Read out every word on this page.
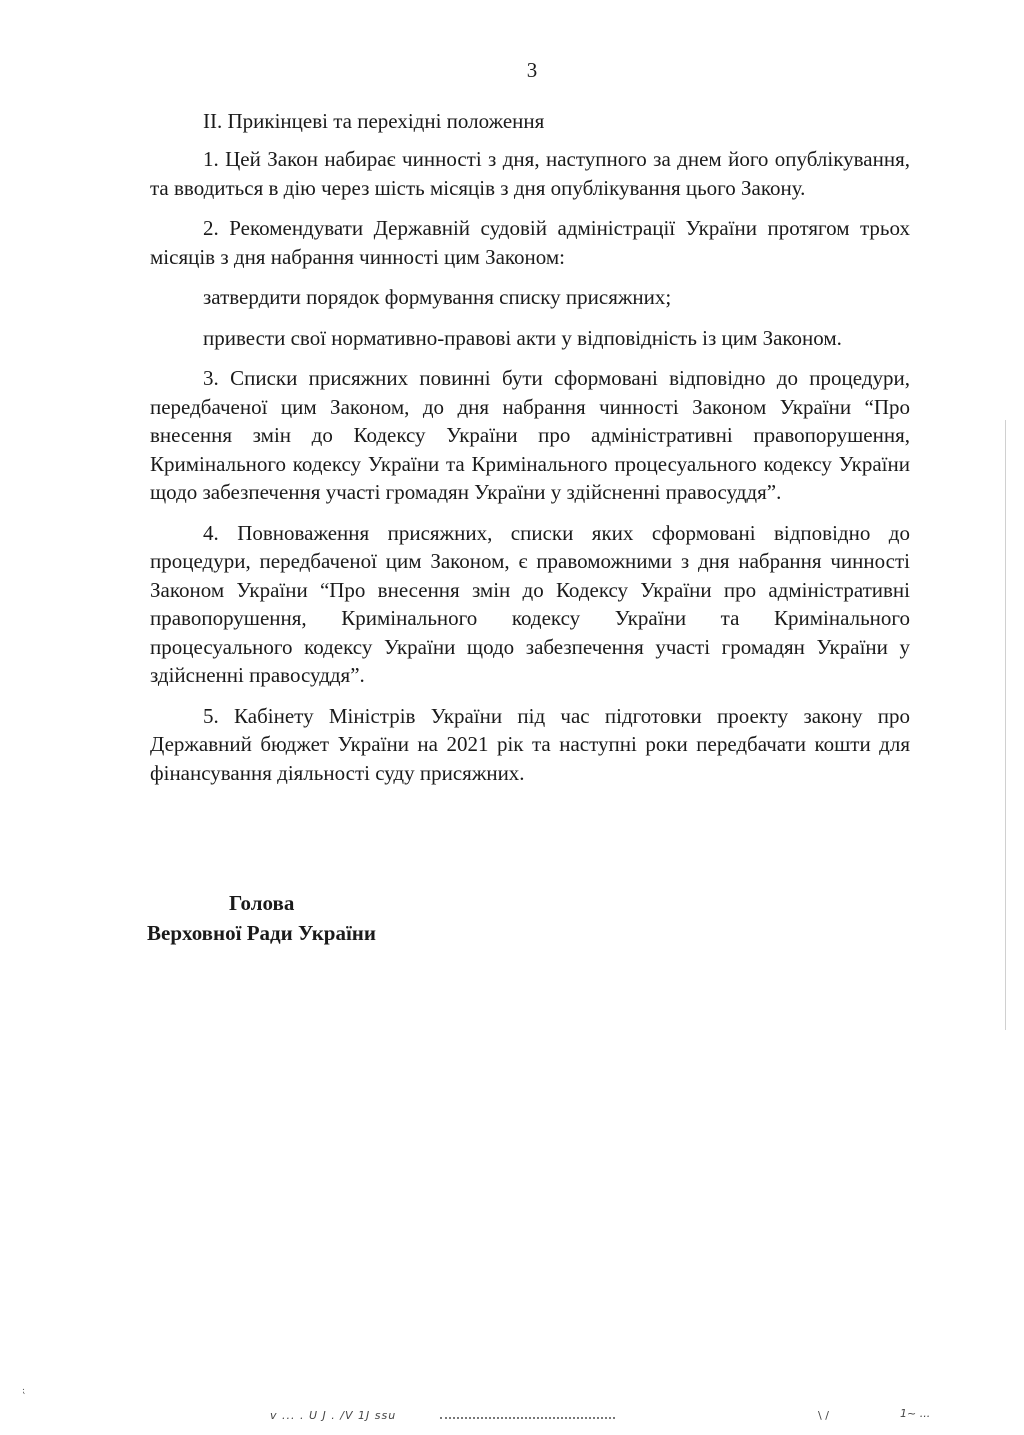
3
II. Прикінцеві та перехідні положення

1. Цей Закон набирає чинності з дня, наступного за днем його опублікування, та вводиться в дію через шість місяців з дня опублікування цього Закону.

2. Рекомендувати Державній судовій адміністрації України протягом трьох місяців з дня набрання чинності цим Законом:

затвердити порядок формування списку присяжних;

привести свої нормативно-правові акти у відповідність із цим Законом.

3. Списки присяжних повинні бути сформовані відповідно до процедури, передбаченої цим Законом, до дня набрання чинності Законом України “Про внесення змін до Кодексу України про адміністративні правопорушення, Кримінального кодексу України та Кримінального процесуального кодексу України щодо забезпечення участі громадян України у здійсненні правосуддя”.

4. Повноваження присяжних, списки яких сформовані відповідно до процедури, передбаченої цим Законом, є правоможними з дня набрання чинності Законом України “Про внесення змін до Кодексу України про адміністративні правопорушення, Кримінального кодексу України та Кримінального процесуального кодексу України щодо забезпечення участі громадян України у здійсненні правосуддя”.

5. Кабінету Міністрів України під час підготовки проекту закону про Державний бюджет України на 2021 рік та наступні роки передбачати кошти для фінансування діяльності суду присяжних.

Голова
Верховної Ради України
⁏
v ... . U J . /V 1J ssu	\ /	1~ ...
